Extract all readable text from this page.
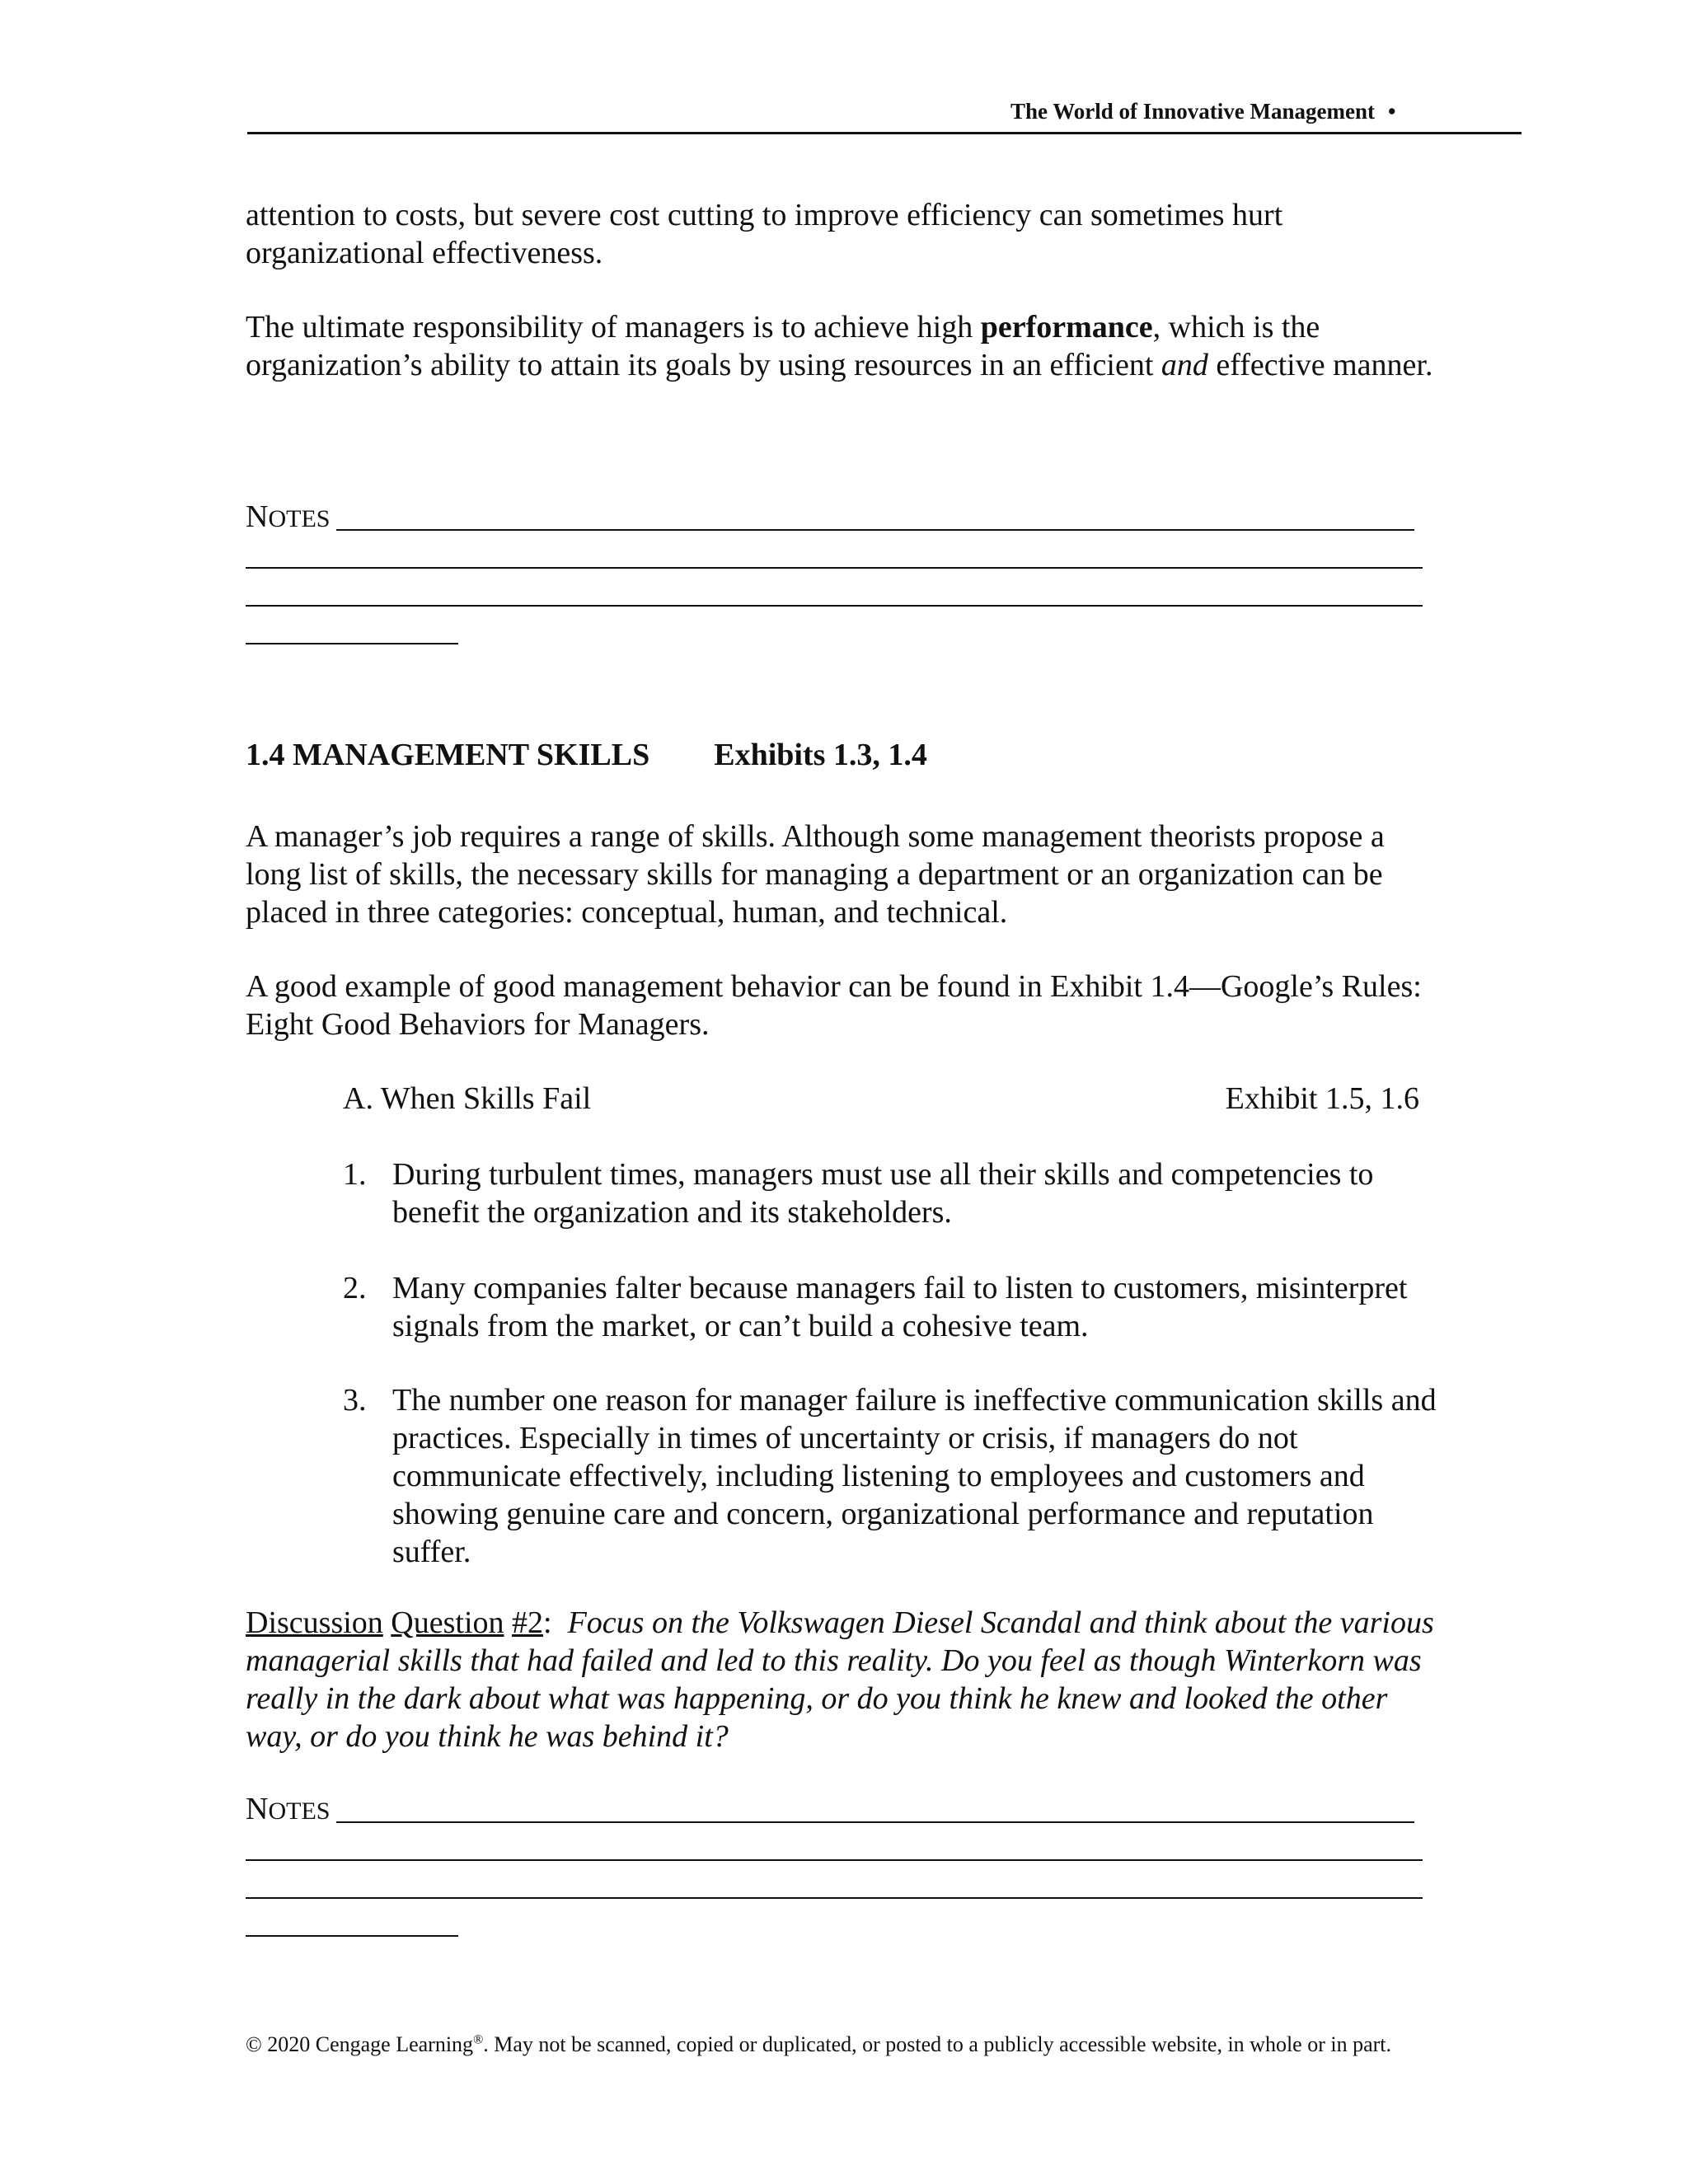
The World of Innovative Management •
attention to costs, but severe cost cutting to improve efficiency can sometimes hurt organizational effectiveness.
The ultimate responsibility of managers is to achieve high performance, which is the organization’s ability to attain its goals by using resources in an efficient and effective manner.
NOTES
1.4 MANAGEMENT SKILLS Exhibits 1.3, 1.4
A manager’s job requires a range of skills. Although some management theorists propose a long list of skills, the necessary skills for managing a department or an organization can be placed in three categories: conceptual, human, and technical.
A good example of good management behavior can be found in Exhibit 1.4—Google’s Rules: Eight Good Behaviors for Managers.
A. When Skills Fail	Exhibit 1.5, 1.6
1. During turbulent times, managers must use all their skills and competencies to benefit the organization and its stakeholders.
2. Many companies falter because managers fail to listen to customers, misinterpret signals from the market, or can’t build a cohesive team.
3. The number one reason for manager failure is ineffective communication skills and practices. Especially in times of uncertainty or crisis, if managers do not communicate effectively, including listening to employees and customers and showing genuine care and concern, organizational performance and reputation suffer.
Discussion Question #2: Focus on the Volkswagen Diesel Scandal and think about the various managerial skills that had failed and led to this reality. Do you feel as though Winterkorn was really in the dark about what was happening, or do you think he knew and looked the other way, or do you think he was behind it?
NOTES
© 2020 Cengage Learning®. May not be scanned, copied or duplicated, or posted to a publicly accessible website, in whole or in part.
